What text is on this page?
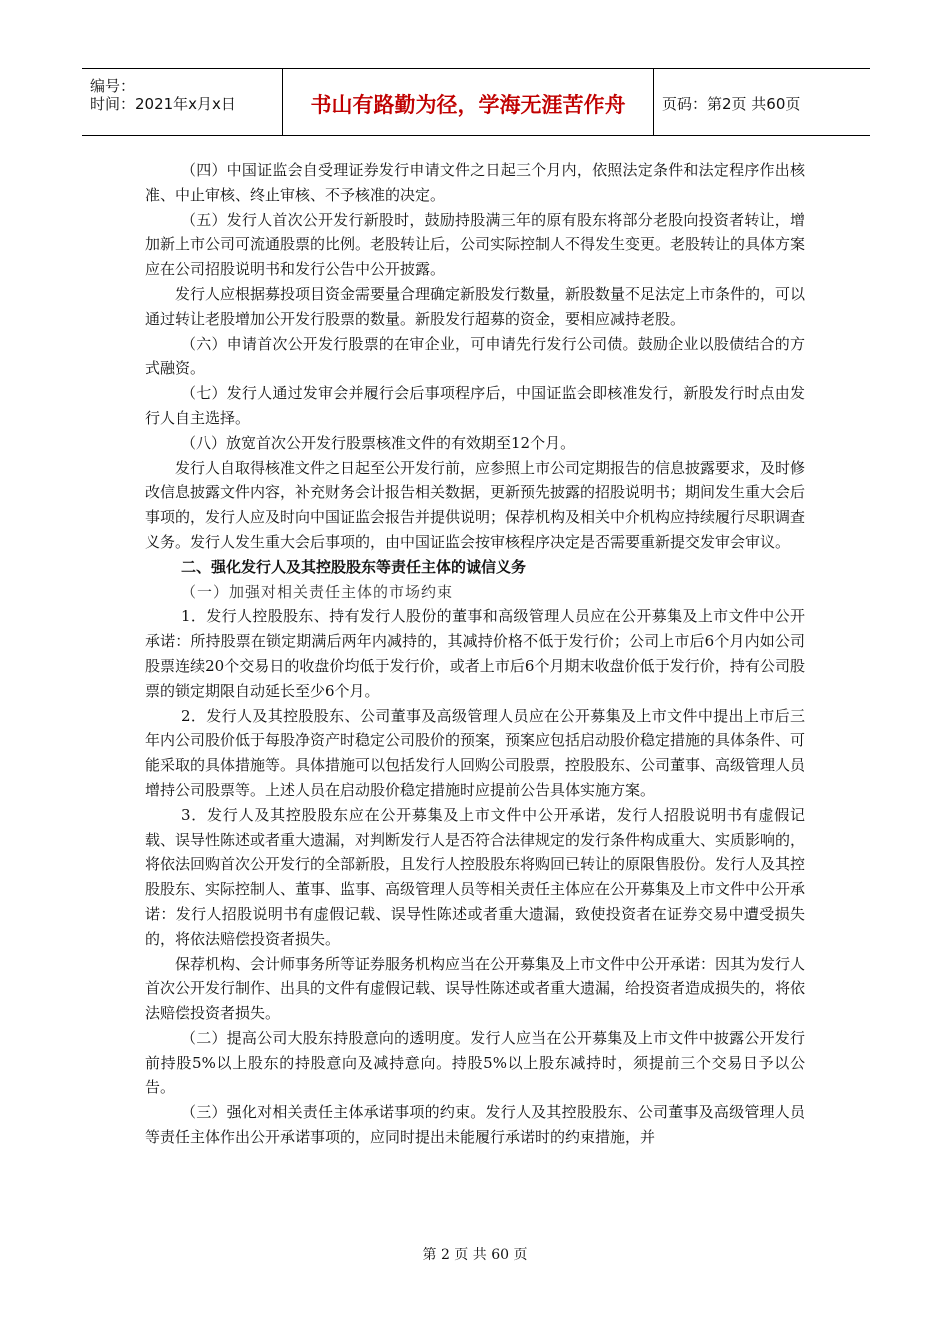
编号：
时间：2021年x月x日	书山有路勤为径，学海无涯苦作舟	页码：第2页 共60页

（四）中国证监会自受理证券发行申请文件之日起三个月内，依照法定条件和法定程序作出核准、中止审核、终止审核、不予核准的决定。

（五）发行人首次公开发行新股时，鼓励持股满三年的原有股东将部分老股向投资者转让，增加新上市公司可流通股票的比例。老股转让后，公司实际控制人不得发生变更。老股转让的具体方案应在公司招股说明书和发行公告中公开披露。

发行人应根据募投项目资金需要量合理确定新股发行数量，新股数量不足法定上市条件的，可以通过转让老股增加公开发行股票的数量。新股发行超募的资金，要相应减持老股。

（六）申请首次公开发行股票的在审企业，可申请先行发行公司债。鼓励企业以股债结合的方式融资。

（七）发行人通过发审会并履行会后事项程序后，中国证监会即核准发行，新股发行时点由发行人自主选择。

（八）放宽首次公开发行股票核准文件的有效期至12个月。

发行人自取得核准文件之日起至公开发行前，应参照上市公司定期报告的信息披露要求，及时修改信息披露文件内容，补充财务会计报告相关数据，更新预先披露的招股说明书；期间发生重大会后事项的，发行人应及时向中国证监会报告并提供说明；保荐机构及相关中介机构应持续履行尽职调查义务。发行人发生重大会后事项的，由中国证监会按审核程序决定是否需要重新提交发审会审议。

二、强化发行人及其控股股东等责任主体的诚信义务

（一）加强对相关责任主体的市场约束

1．发行人控股股东、持有发行人股份的董事和高级管理人员应在公开募集及上市文件中公开承诺：所持股票在锁定期满后两年内减持的，其减持价格不低于发行价；公司上市后6个月内如公司股票连续20个交易日的收盘价均低于发行价，或者上市后6个月期末收盘价低于发行价，持有公司股票的锁定期限自动延长至少6个月。

2．发行人及其控股股东、公司董事及高级管理人员应在公开募集及上市文件中提出上市后三年内公司股价低于每股净资产时稳定公司股价的预案，预案应包括启动股价稳定措施的具体条件、可能采取的具体措施等。具体措施可以包括发行人回购公司股票，控股股东、公司董事、高级管理人员增持公司股票等。上述人员在启动股价稳定措施时应提前公告具体实施方案。

3．发行人及其控股股东应在公开募集及上市文件中公开承诺，发行人招股说明书有虚假记载、误导性陈述或者重大遗漏，对判断发行人是否符合法律规定的发行条件构成重大、实质影响的，将依法回购首次公开发行的全部新股，且发行人控股股东将购回已转让的原限售股份。发行人及其控股股东、实际控制人、董事、监事、高级管理人员等相关责任主体应在公开募集及上市文件中公开承诺：发行人招股说明书有虚假记载、误导性陈述或者重大遗漏，致使投资者在证券交易中遭受损失的，将依法赔偿投资者损失。

保荐机构、会计师事务所等证券服务机构应当在公开募集及上市文件中公开承诺：因其为发行人首次公开发行制作、出具的文件有虚假记载、误导性陈述或者重大遗漏，给投资者造成损失的，将依法赔偿投资者损失。

（二）提高公司大股东持股意向的透明度。发行人应当在公开募集及上市文件中披露公开发行前持股5%以上股东的持股意向及减持意向。持股5%以上股东减持时，须提前三个交易日予以公告。

（三）强化对相关责任主体承诺事项的约束。发行人及其控股股东、公司董事及高级管理人员等责任主体作出公开承诺事项的，应同时提出未能履行承诺时的约束措施，并

第 2 页 共 60 页
